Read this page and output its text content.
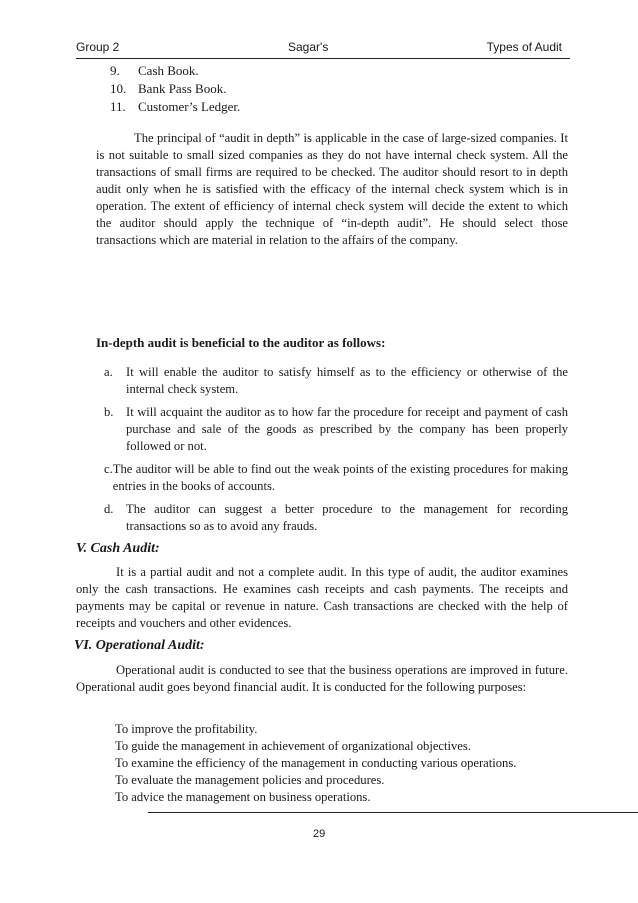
Group 2	Sagar's	Types of Audit
9.	Cash Book.
10. Bank Pass Book.
11. Customer’s Ledger.
The principal of “audit in depth” is applicable in the case of large-sized companies. It is not suitable to small sized companies as they do not have internal check system. All the transactions of small firms are required to be checked. The auditor should resort to in depth audit only when he is satisfied with the efficacy of the internal check system which is in operation. The extent of efficiency of internal check system will decide the extent to which the auditor should apply the technique of “in-depth audit”. He should select those transactions which are material in relation to the affairs of the company.
In-depth audit is beneficial to the auditor as follows:
a.	It will enable the auditor to satisfy himself as to the efficiency or otherwise of the internal check system.
b. It will acquaint the auditor as to how far the procedure for receipt and payment of cash purchase and sale of the goods as prescribed by the company has been properly followed or not.
c. The auditor will be able to find out the weak points of the existing procedures for making entries in the books of accounts.
d. The auditor can suggest a better procedure to the management for recording transactions so as to avoid any frauds.
V. Cash Audit:
It is a partial audit and not a complete audit. In this type of audit, the auditor examines only the cash transactions. He examines cash receipts and cash payments. The receipts and payments may be capital or revenue in nature. Cash transactions are checked with the help of receipts and vouchers and other evidences.
VI. Operational Audit:
Operational audit is conducted to see that the business operations are improved in future. Operational audit goes beyond financial audit. It is conducted for the following purposes:
To improve the profitability.
To guide the management in achievement of organizational objectives.
To examine the efficiency of the management in conducting various operations.
To evaluate the management policies and procedures.
To advice the management on business operations.
29
